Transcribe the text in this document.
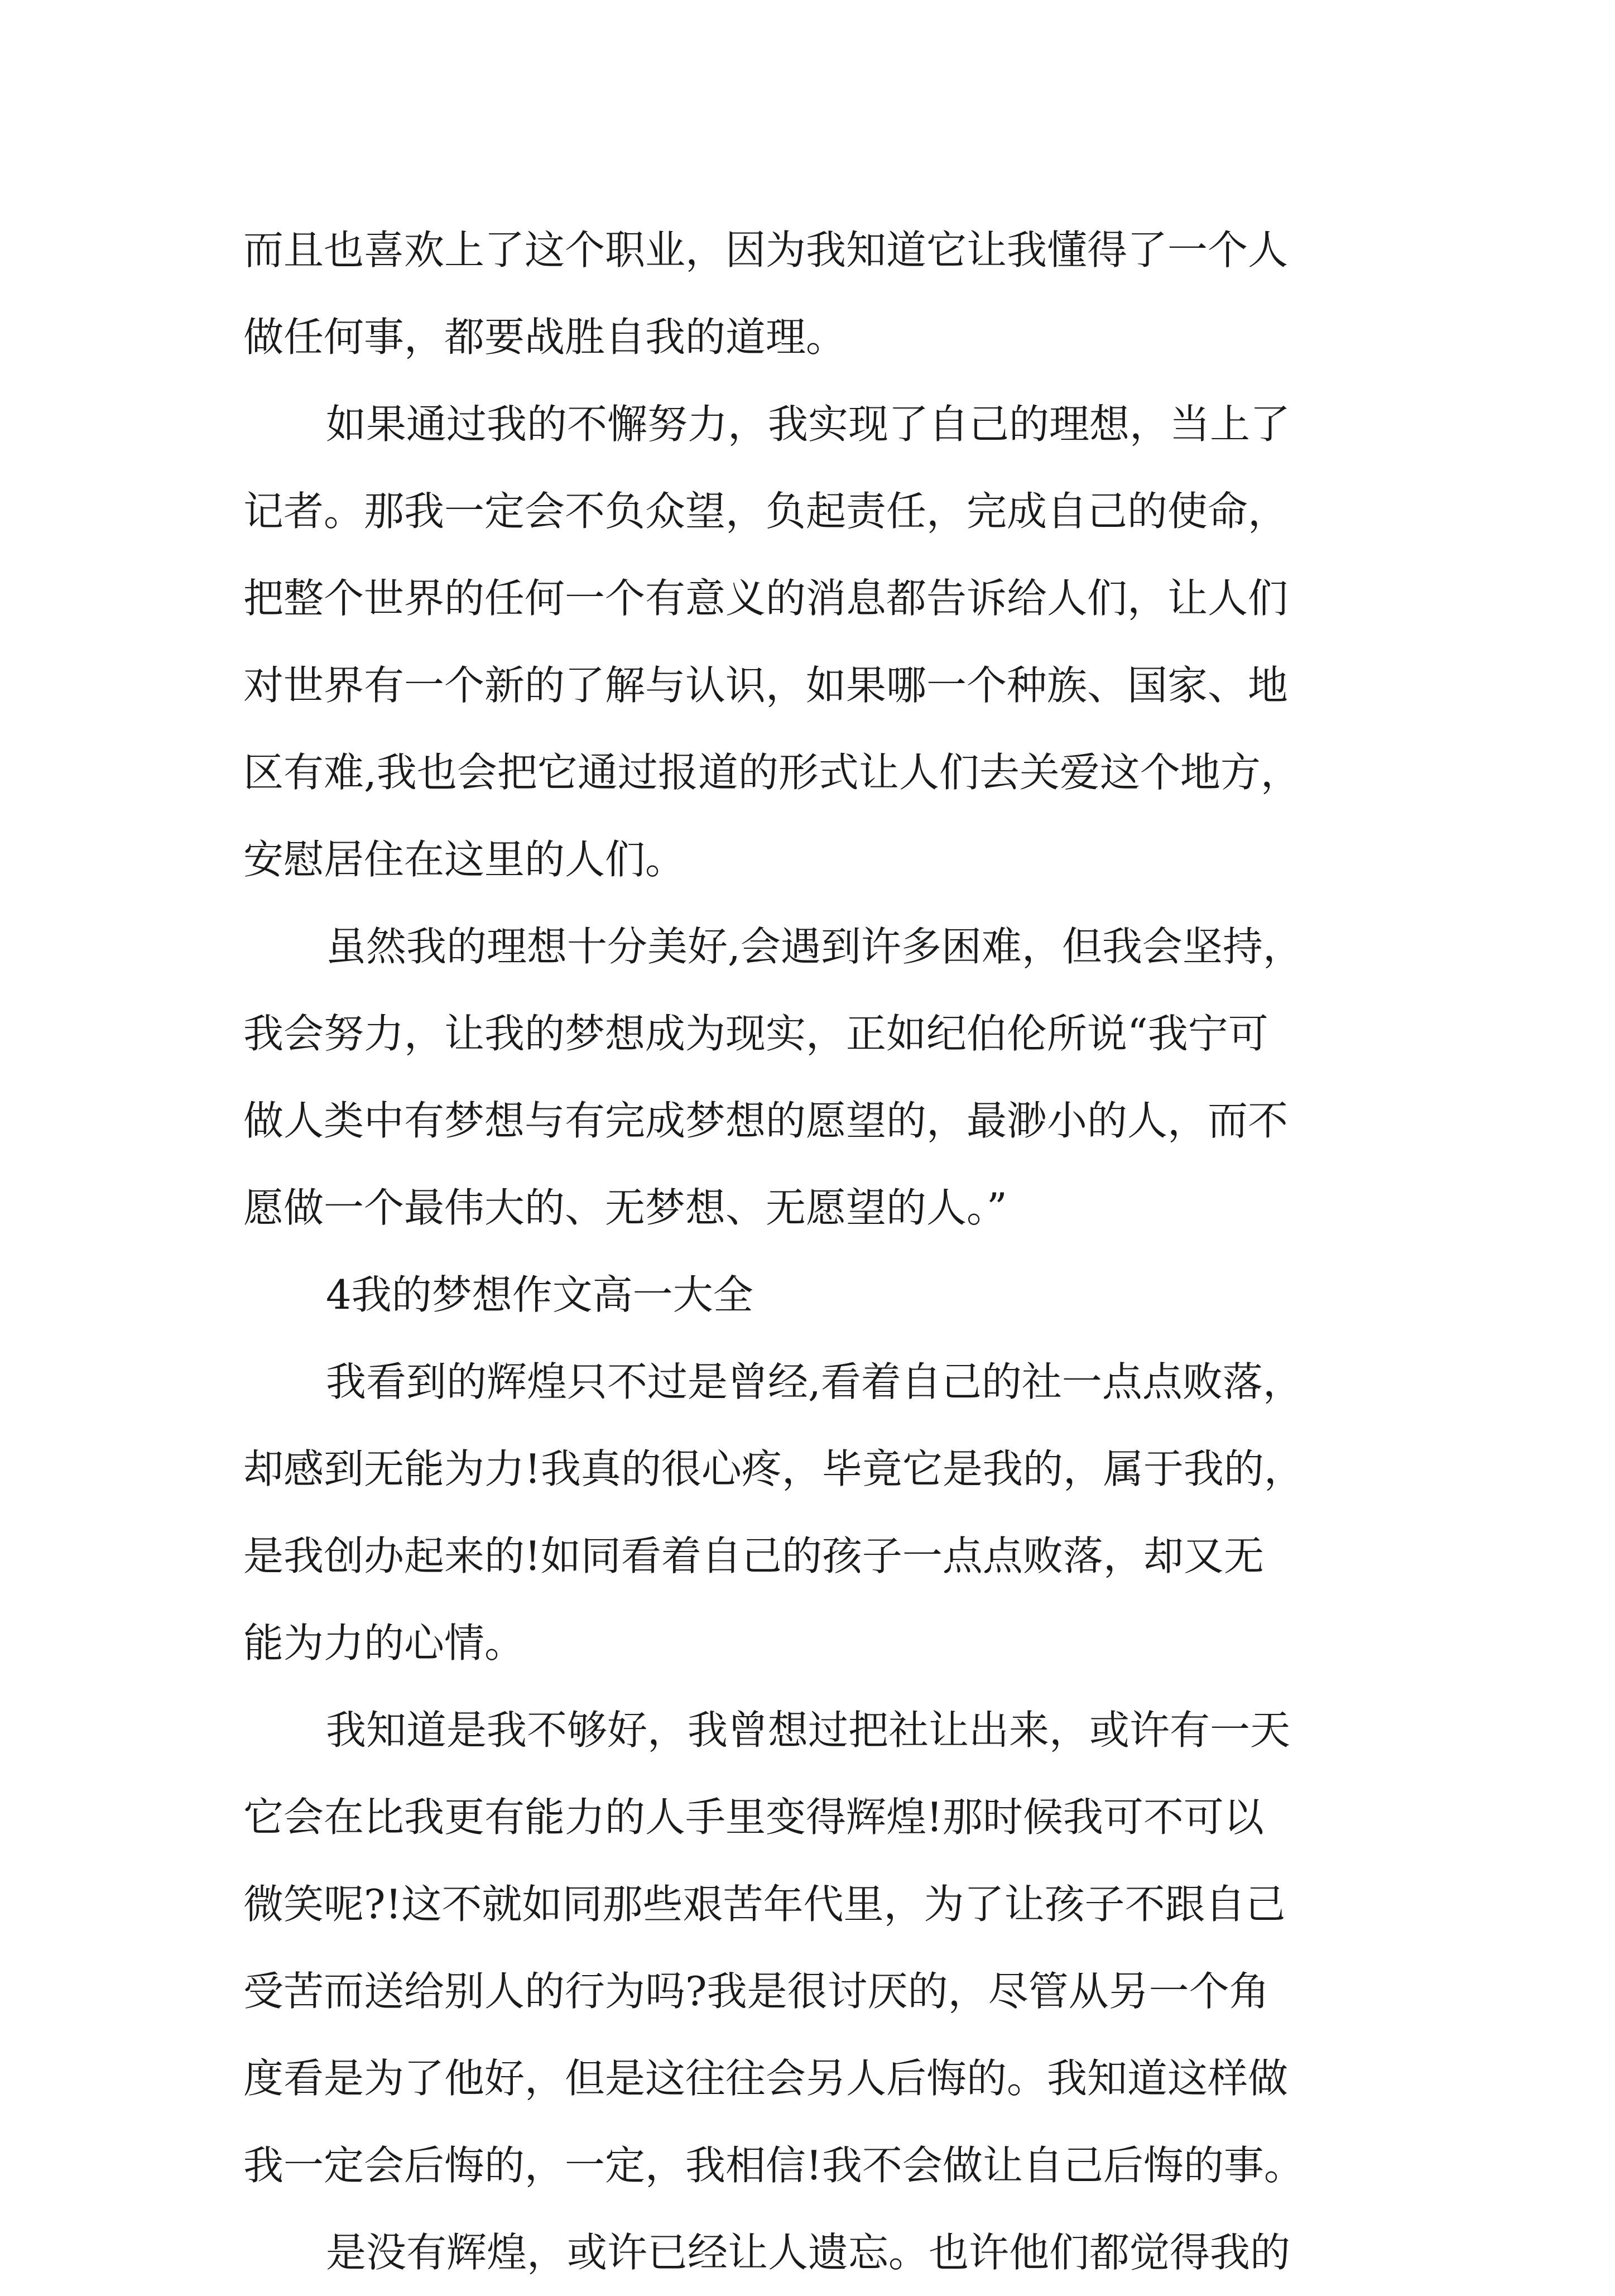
而且也喜欢上了这个职业，因为我知道它让我懂得了一个人
做任何事，都要战胜自我的道理。

如果通过我的不懈努力，我实现了自己的理想，当上了
记者。那我一定会不负众望，负起责任，完成自己的使命，
把整个世界的任何一个有意义的消息都告诉给人们，让人们
对世界有一个新的了解与认识，如果哪一个种族、国家、地
区有难,我也会把它通过报道的形式让人们去关爱这个地方，
安慰居住在这里的人们。

虽然我的理想十分美好,会遇到许多困难，但我会坚持，
我会努力，让我的梦想成为现实，正如纪伯伦所说“我宁可
做人类中有梦想与有完成梦想的愿望的，最渺小的人，而不
愿做一个最伟大的、无梦想、无愿望的人。”

4我的梦想作文高一大全

我看到的辉煌只不过是曾经,看着自己的社一点点败落，
却感到无能为力!我真的很心疼，毕竟它是我的，属于我的，
是我创办起来的!如同看着自己的孩子一点点败落，却又无
能为力的心情。

我知道是我不够好，我曾想过把社让出来，或许有一天
它会在比我更有能力的人手里变得辉煌!那时候我可不可以
微笑呢?!这不就如同那些艰苦年代里，为了让孩子不跟自己
受苦而送给别人的行为吗?我是很讨厌的，尽管从另一个角
度看是为了他好，但是这往往会另人后悔的。我知道这样做
我一定会后悔的，一定，我相信!我不会做让自己后悔的事。

是没有辉煌，或许已经让人遗忘。也许他们都觉得我的
